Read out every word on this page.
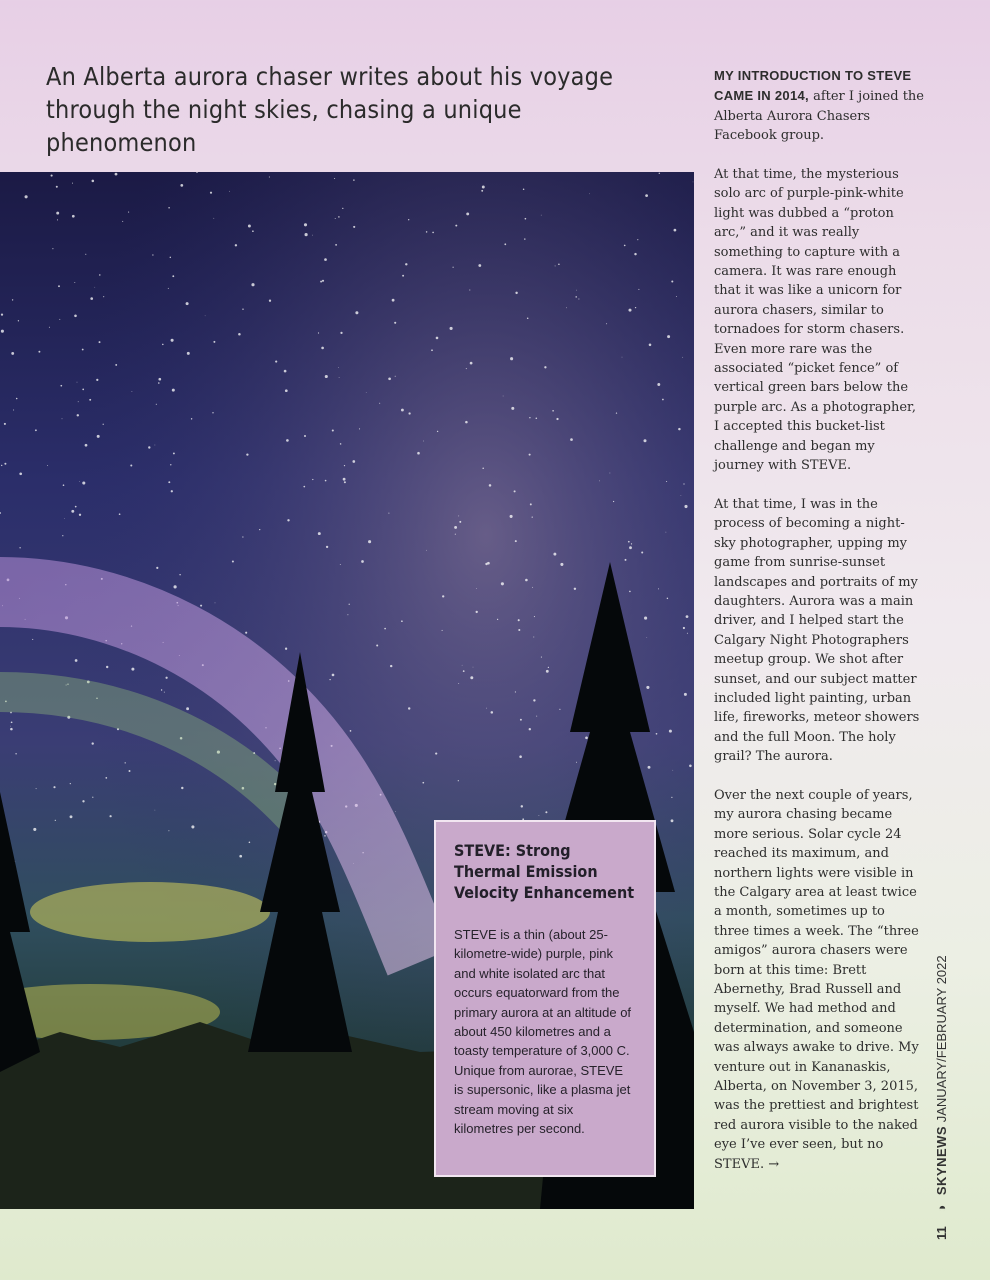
An Alberta aurora chaser writes about his voyage through the night skies, chasing a unique phenomenon
STEVE: Strong Thermal Emission Velocity Enhancement

STEVE is a thin (about 25-kilometre-wide) purple, pink and white isolated arc that occurs equatorward from the primary aurora at an altitude of about 450 kilometres and a toasty temperature of 3,000 C. Unique from aurorae, STEVE is supersonic, like a plasma jet stream moving at six kilometres per second.

MY INTRODUCTION TO STEVE CAME IN 2014, after I joined the Alberta Aurora Chasers Facebook group.

At that time, the mysterious solo arc of purple-pink-white light was dubbed a “proton arc,” and it was really something to capture with a camera. It was rare enough that it was like a unicorn for aurora chasers, similar to tornadoes for storm chasers. Even more rare was the associated “picket fence” of vertical green bars below the purple arc. As a photographer, I accepted this bucket-list challenge and began my journey with STEVE.

At that time, I was in the process of becoming a night-sky photographer, upping my game from sunrise-sunset landscapes and portraits of my daughters. Aurora was a main driver, and I helped start the Calgary Night Photographers meetup group. We shot after sunset, and our subject matter included light painting, urban life, fireworks, meteor showers and the full Moon. The holy grail? The aurora.

Over the next couple of years, my aurora chasing became more serious. Solar cycle 24 reached its maximum, and northern lights were visible in the Calgary area at least twice a month, sometimes up to three times a week. The “three amigos” aurora chasers were born at this time: Brett Abernethy, Brad Russell and myself. We had method and determination, and someone was always awake to drive. My venture out in Kananaskis, Alberta, on November 3, 2015, was the prettiest and brightest red aurora visible to the naked eye I’ve ever seen, but no STEVE. →

11 ◑ SKYNEWS JANUARY/FEBRUARY 2022
